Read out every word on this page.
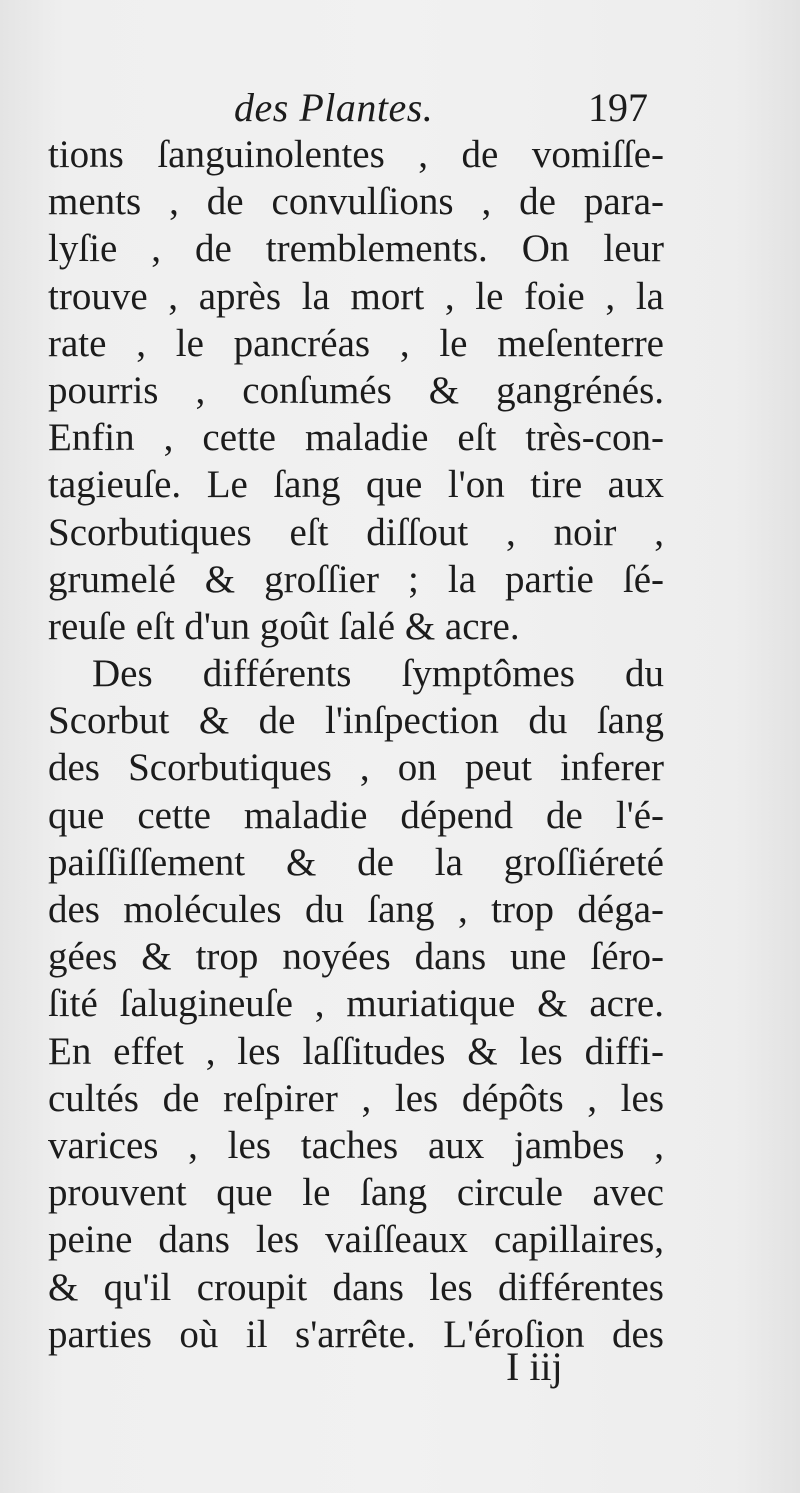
des Plantes.	197
tions ſanguinolentes , de vomiſſe-
ments , de convulſions , de para-
lyſie , de tremblements. On leur
trouve , après la mort , le foie , la
rate , le pancréas , le meſenterre
pourris , conſumés & gangrénés.
Enfin , cette maladie eſt très-con-
tagieuſe. Le ſang que l'on tire aux
Scorbutiques eſt diſſout , noir ,
grumelé & groſſier ; la partie ſé-
reuſe eſt d'un goût ſalé & acre.
Des différents ſymptômes du
Scorbut & de l'inſpection du ſang
des Scorbutiques , on peut inferer
que cette maladie dépend de l'é-
paiſſiſſement & de la groſſiéreté
des molécules du ſang , trop déga-
gées & trop noyées dans une ſéro-
ſité ſalugineuſe , muriatique & acre.
En effet , les laſſitudes & les diffi-
cultés de reſpirer , les dépôts , les
varices , les taches aux jambes ,
prouvent que le ſang circule avec
peine dans les vaiſſeaux capillaires,
& qu'il croupit dans les différentes
parties où il s'arrête. L'éroſion des
I iij
